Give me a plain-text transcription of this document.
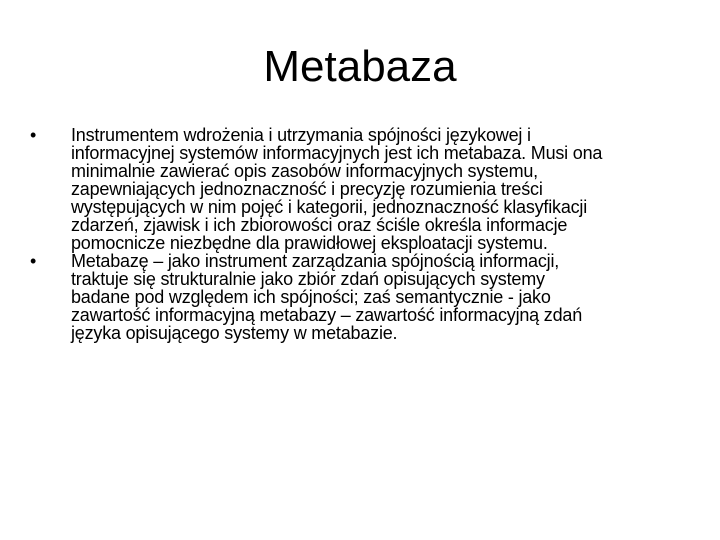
Metabaza
• Instrumentem wdrożenia i utrzymania spójności językowej i
informacyjnej systemów informacyjnych jest ich metabaza. Musi ona
minimalnie zawierać opis zasobów informacyjnych systemu,
zapewniających jednoznaczność i precyzję rozumienia treści
występujących w nim pojęć i kategorii, jednoznaczność klasyfikacji
zdarzeń, zjawisk i ich zbiorowości oraz ściśle określa informacje
pomocnicze niezbędne dla prawidłowej eksploatacji systemu.
• Metabazę – jako instrument zarządzania spójnością informacji,
traktuje się strukturalnie jako zbiór zdań opisujących systemy
badane pod względem ich spójności; zaś semantycznie - jako
zawartość informacyjną metabazy – zawartość informacyjną zdań
języka opisującego systemy w metabazie.
